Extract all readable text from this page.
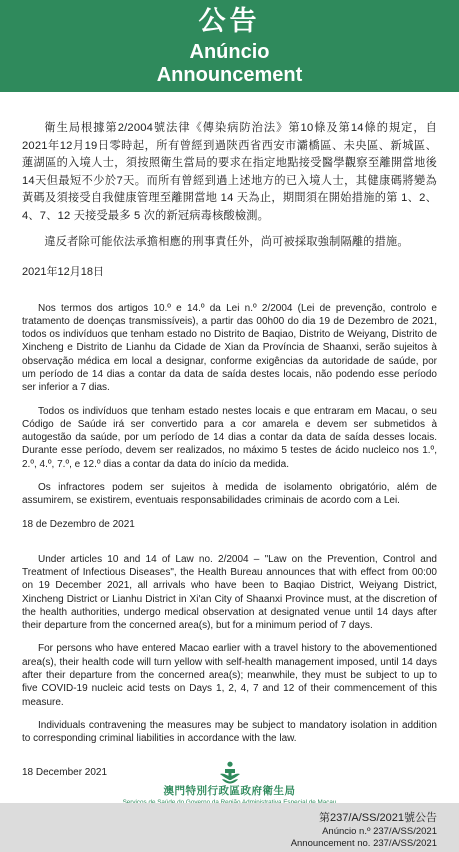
公告
Anúncio
Announcement

衛生局根據第2/2004號法律《傳染病防治法》第10條及第14條的規定，自2021年12月19日零時起，所有曾經到過陝西省西安市灞橋區、未央區、新城區、蓮湖區的入境人士，須按照衛生當局的要求在指定地點接受醫學觀察至離開當地後14天但最短不少於7天。而所有曾經到過上述地方的已入境人士，其健康碼將變為黃碼及須接受自我健康管理至離開當地 14 天為止，期間須在開始措施的第 1、2、4、7、12 天接受最多 5 次的新冠病毒核酸檢測。

違反者除可能依法承擔相應的刑事責任外，尚可被採取強制隔離的措施。

2021年12月18日

Nos termos dos artigos 10.º e 14.º da Lei n.º 2/2004 (Lei de prevenção, controlo e tratamento de doenças transmissíveis), a partir das 00h00 do dia 19 de Dezembro de 2021, todos os indivíduos que tenham estado no Distrito de Baqiao, Distrito de Weiyang, Distrito de Xincheng e Distrito de Lianhu da Cidade de Xian da Província de Shaanxi, serão sujeitos à observação médica em local a designar, conforme exigências da autoridade de saúde, por um período de 14 dias a contar da data de saída destes locais, não podendo esse período ser inferior a 7 dias.

Todos os indivíduos que tenham estado nestes locais e que entraram em Macau, o seu Código de Saúde irá ser convertido para a cor amarela e devem ser submetidos à autogestão da saúde, por um período de 14 dias a contar da data de saída desses locais. Durante esse período, devem ser realizados, no máximo 5 testes de ácido nucleico nos 1.º, 2.º, 4.º, 7.º, e 12.º dias a contar da data do início da medida.

Os infractores podem ser sujeitos à medida de isolamento obrigatório, além de assumirem, se existirem, eventuais responsabilidades criminais de acordo com a Lei.

18 de Dezembro de 2021

Under articles 10 and 14 of Law no. 2/2004 – "Law on the Prevention, Control and Treatment of Infectious Diseases", the Health Bureau announces that with effect from 00:00 on 19 December 2021, all arrivals who have been to Baqiao District, Weiyang District, Xincheng District or Lianhu District in Xi'an City of Shaanxi Province must, at the discretion of the health authorities, undergo medical observation at designated venue until 14 days after their departure from the concerned area(s), but for a minimum period of 7 days.

For persons who have entered Macao earlier with a travel history to the abovementioned area(s), their health code will turn yellow with self-health management imposed, until 14 days after their departure from the concerned area(s); meanwhile, they must be subject to up to five COVID-19 nucleic acid tests on Days 1, 2, 4, 7 and 12 of their commencement of this measure.

Individuals contravening the measures may be subject to mandatory isolation in addition to corresponding criminal liabilities in accordance with the law.

18 December 2021

澳門特別行政區政府衛生局
第237/A/SS/2021號公告
Anúncio n.º 237/A/SS/2021
Announcement no. 237/A/SS/2021
